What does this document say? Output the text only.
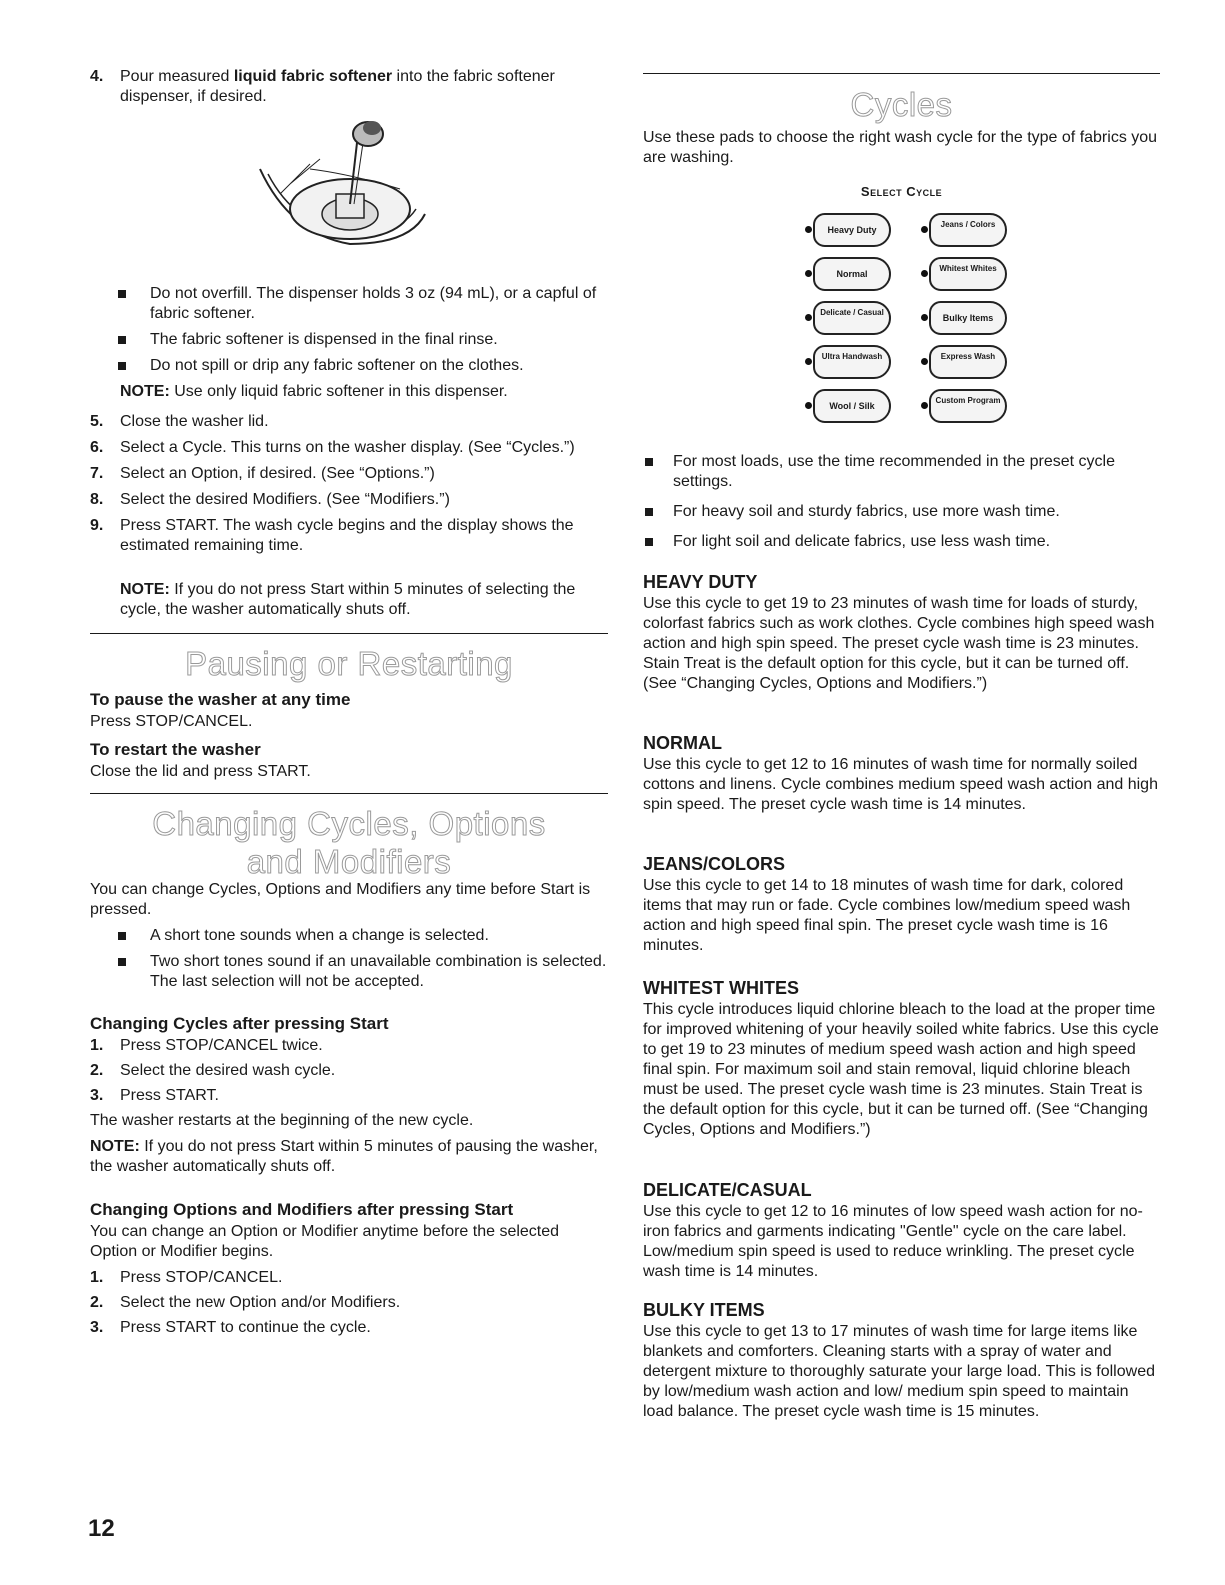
4. Pour measured liquid fabric softener into the fabric softener dispenser, if desired.
Do not overfill. The dispenser holds 3 oz (94 mL), or a capful of fabric softener.
The fabric softener is dispensed in the final rinse.
Do not spill or drip any fabric softener on the clothes.
NOTE: Use only liquid fabric softener in this dispenser.
5. Close the washer lid.
6. Select a Cycle. This turns on the washer display. (See “Cycles.”)
7. Select an Option, if desired. (See “Options.”)
8. Select the desired Modifiers. (See “Modifiers.”)
9. Press START. The wash cycle begins and the display shows the estimated remaining time.
NOTE: If you do not press Start within 5 minutes of selecting the cycle, the washer automatically shuts off.
Pausing or Restarting
To pause the washer at any time
Press STOP/CANCEL.
To restart the washer
Close the lid and press START.
Changing Cycles, Options
and Modifiers
You can change Cycles, Options and Modifiers any time before Start is pressed.
A short tone sounds when a change is selected.
Two short tones sound if an unavailable combination is selected. The last selection will not be accepted.
Changing Cycles after pressing Start
1. Press STOP/CANCEL twice.
2. Select the desired wash cycle.
3. Press START.
The washer restarts at the beginning of the new cycle.
NOTE: If you do not press Start within 5 minutes of pausing the washer, the washer automatically shuts off.
Changing Options and Modifiers after pressing Start
You can change an Option or Modifier anytime before the selected Option or Modifier begins.
1. Press STOP/CANCEL.
2. Select the new Option and/or Modifiers.
3. Press START to continue the cycle.
Cycles
Use these pads to choose the right wash cycle for the type of fabrics you are washing.
Select Cycle
Heavy Duty
Jeans / Colors
Normal
Whitest Whites
Delicate / Casual
Bulky Items
Ultra Handwash	Express Wash
Wool / Silk
Custom Program
For most loads, use the time recommended in the preset cycle settings.
For heavy soil and sturdy fabrics, use more wash time.
For light soil and delicate fabrics, use less wash time.
HEAVY DUTY
Use this cycle to get 19 to 23 minutes of wash time for loads of sturdy, colorfast fabrics such as work clothes. Cycle combines high speed wash action and high spin speed. The preset cycle wash time is 23 minutes. Stain Treat is the default option for this cycle, but it can be turned off. (See “Changing Cycles, Options and Modifiers.”)
NORMAL
Use this cycle to get 12 to 16 minutes of wash time for normally soiled cottons and linens. Cycle combines medium speed wash action and high spin speed. The preset cycle wash time is 14 minutes.
JEANS/COLORS
Use this cycle to get 14 to 18 minutes of wash time for dark, colored items that may run or fade. Cycle combines low/medium speed wash action and high speed final spin. The preset cycle wash time is 16 minutes.
WHITEST WHITES
This cycle introduces liquid chlorine bleach to the load at the proper time for improved whitening of your heavily soiled white fabrics. Use this cycle to get 19 to 23 minutes of medium speed wash action and high speed final spin. For maximum soil and stain removal, liquid chlorine bleach must be used. The preset cycle wash time is 23 minutes. Stain Treat is the default option for this cycle, but it can be turned off. (See “Changing Cycles, Options and Modifiers.”)
DELICATE/CASUAL
Use this cycle to get 12 to 16 minutes of low speed wash action for no-iron fabrics and garments indicating "Gentle" cycle on the care label. Low/medium spin speed is used to reduce wrinkling. The preset cycle wash time is 14 minutes.
BULKY ITEMS
Use this cycle to get 13 to 17 minutes of wash time for large items like blankets and comforters. Cleaning starts with a spray of water and detergent mixture to thoroughly saturate your large load. This is followed by low/medium wash action and low/ medium spin speed to maintain load balance. The preset cycle wash time is 15 minutes.
12
